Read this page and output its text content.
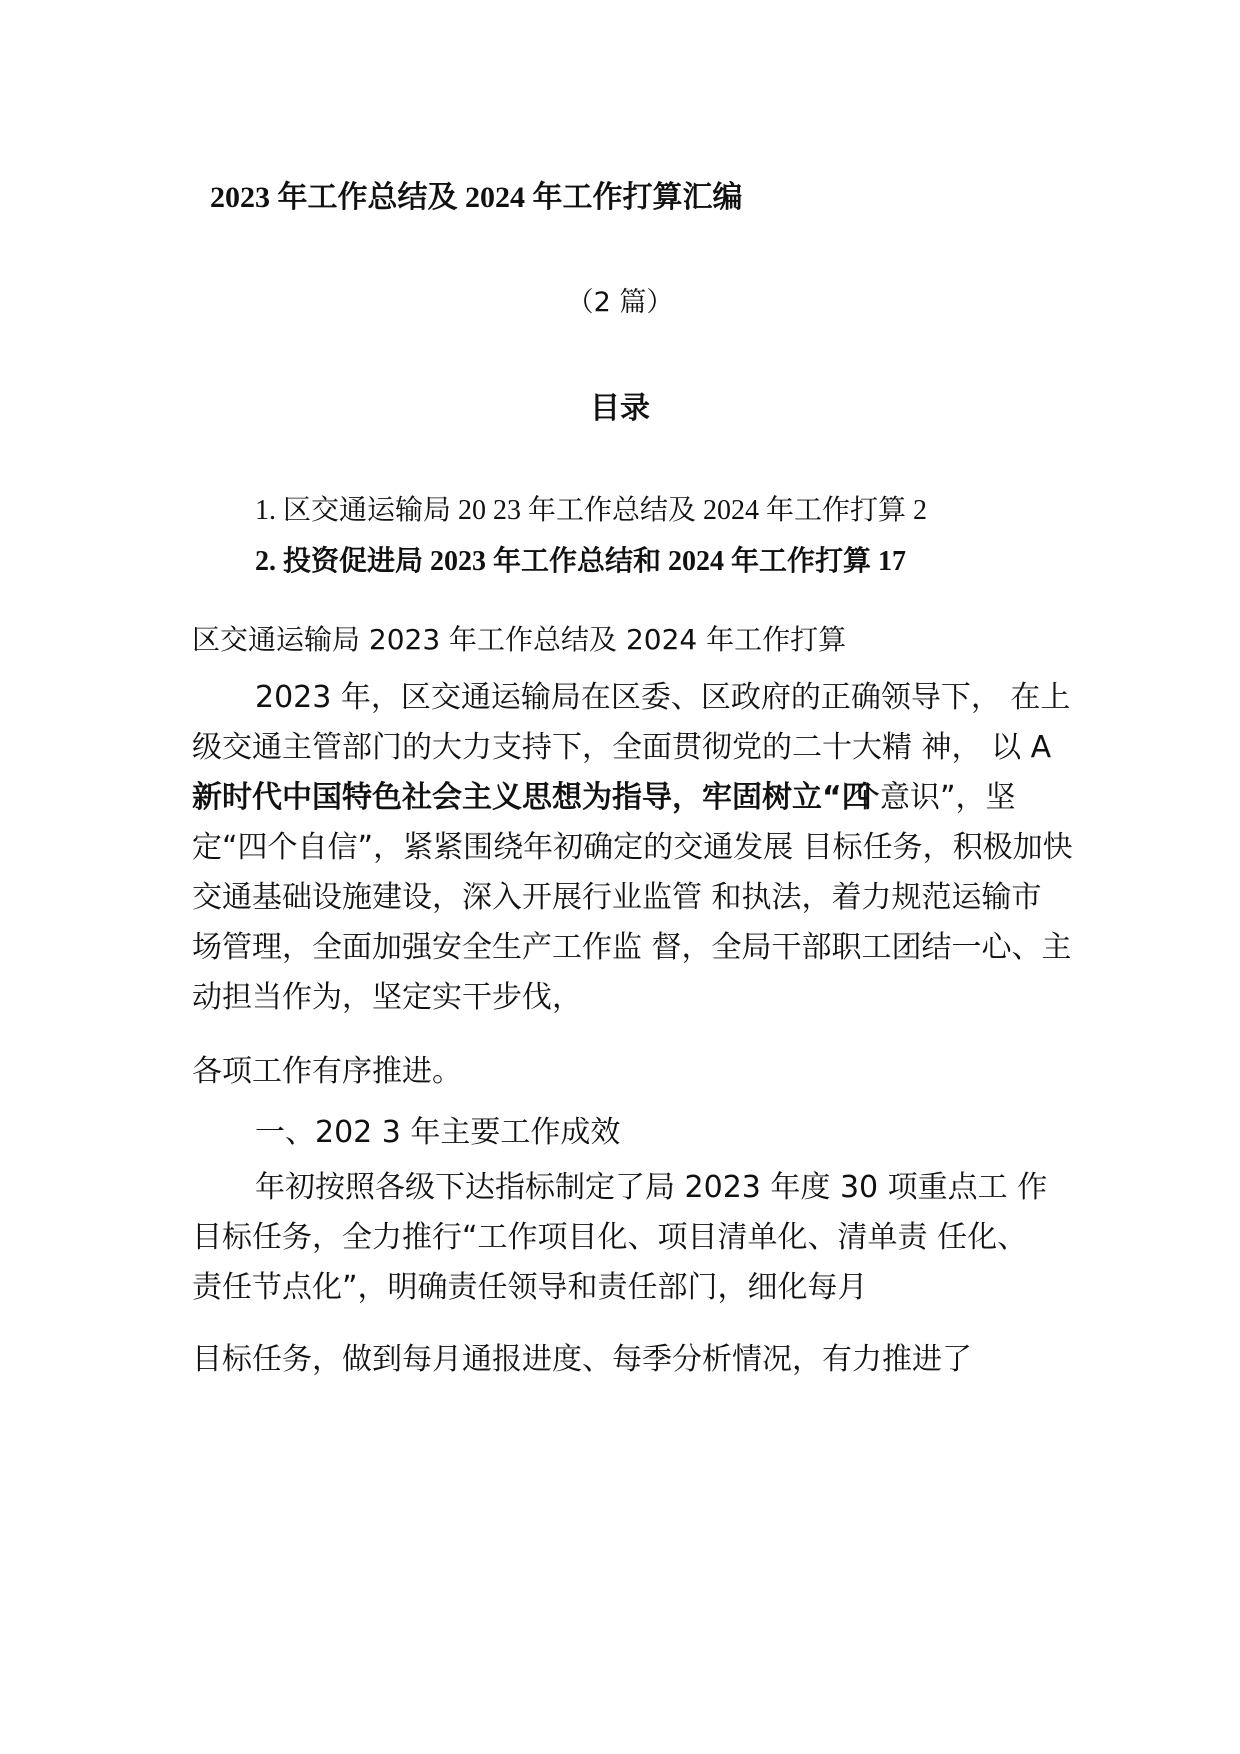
2023 年工作总结及 2024 年工作打算汇编
（2 篇）
目录
1. 区交通运输局 20 23 年工作总结及 2024 年工作打算 2
2. 投资促进局 2023 年工作总结和 2024 年工作打算 17
区交通运输局 2023 年工作总结及 2024 年工作打算
2023 年，区交通运输局在区委、区政府的正确领导下， 在上
级交通主管部门的大力支持下，全面贯彻党的二十大精 神， 以 A
新时代中国特色社会主义思想为指导，牢固树立“四
个意识”，坚
定“四个自信”，紧紧围绕年初确定的交通发展 目标任务，积极加快
交通基础设施建设，深入开展行业监管 和执法，着力规范运输市
场管理，全面加强安全生产工作监 督，全局干部职工团结一心、主
动担当作为，坚定实干步伐，
各项工作有序推进。
一、202 3 年主要工作成效
年初按照各级下达指标制定了局 2023 年度 30 项重点工 作
目标任务，全力推行“工作项目化、项目清单化、清单责 任化、
责任节点化”，明确责任领导和责任部门，细化每月
目标任务，做到每月通报进度、每季分析情况，有力推进了
